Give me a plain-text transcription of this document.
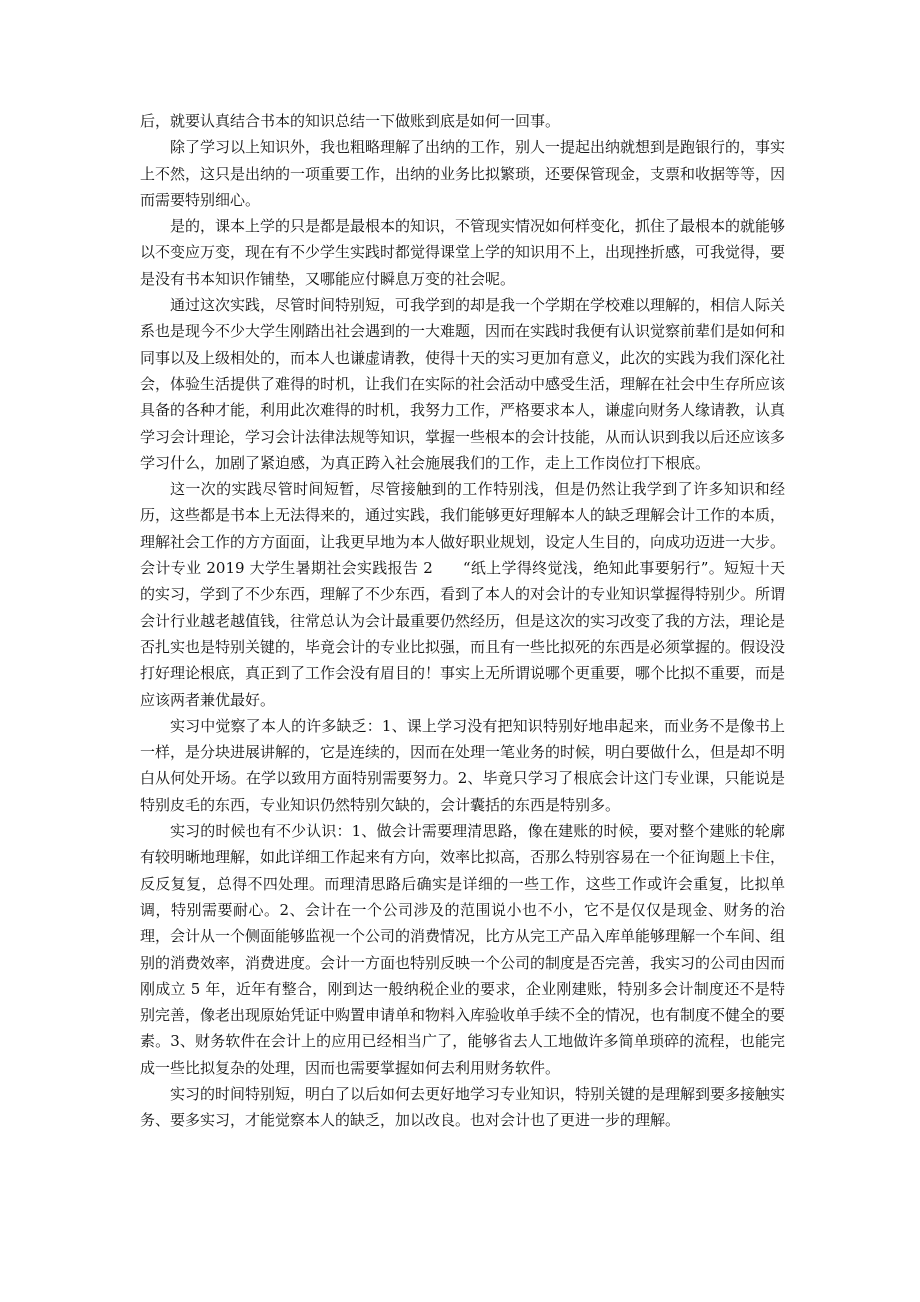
后，就要认真结合书本的知识总结一下做账到底是如何一回事。

除了学习以上知识外，我也粗略理解了出纳的工作，别人一提起出纳就想到是跑银行的，事实上不然，这只是出纳的一项重要工作，出纳的业务比拟繁琐，还要保管现金，支票和收据等等，因而需要特别细心。

是的，课本上学的只是都是最根本的知识，不管现实情况如何样变化，抓住了最根本的就能够以不变应万变，现在有不少学生实践时都觉得课堂上学的知识用不上，出现挫折感，可我觉得，要是没有书本知识作铺垫，又哪能应付瞬息万变的社会呢。

通过这次实践，尽管时间特别短，可我学到的却是我一个学期在学校难以理解的，相信人际关系也是现今不少大学生刚踏出社会遇到的一大难题，因而在实践时我便有认识觉察前辈们是如何和同事以及上级相处的，而本人也谦虚请教，使得十天的实习更加有意义，此次的实践为我们深化社会，体验生活提供了难得的时机，让我们在实际的社会活动中感受生活，理解在社会中生存所应该具备的各种才能，利用此次难得的时机，我努力工作，严格要求本人，谦虚向财务人缘请教，认真学习会计理论，学习会计法律法规等知识，掌握一些根本的会计技能，从而认识到我以后还应该多学习什么，加剧了紧迫感，为真正跨入社会施展我们的工作，走上工作岗位打下根底。

这一次的实践尽管时间短暂，尽管接触到的工作特别浅，但是仍然让我学到了许多知识和经历，这些都是书本上无法得来的，通过实践，我们能够更好理解本人的缺乏理解会计工作的本质，理解社会工作的方方面面，让我更早地为本人做好职业规划，设定人生目的，向成功迈进一大步。

会计专业 2019 大学生暑期社会实践报告 2 “纸上学得终觉浅，绝知此事要躬行”。短短十天的实习，学到了不少东西，理解了不少东西，看到了本人的对会计的专业知识掌握得特别少。所谓会计行业越老越值钱，往常总认为会计最重要仍然经历，但是这次的实习改变了我的方法，理论是否扎实也是特别关键的，毕竟会计的专业比拟强，而且有一些比拟死的东西是必须掌握的。假设没打好理论根底，真正到了工作会没有眉目的！事实上无所谓说哪个更重要，哪个比拟不重要，而是应该两者兼优最好。

实习中觉察了本人的许多缺乏：1、课上学习没有把知识特别好地串起来，而业务不是像书上一样，是分块进展讲解的，它是连续的，因而在处理一笔业务的时候，明白要做什么，但是却不明白从何处开场。在学以致用方面特别需要努力。2、毕竟只学习了根底会计这门专业课，只能说是特别皮毛的东西，专业知识仍然特别欠缺的，会计囊括的东西是特别多。

实习的时候也有不少认识：1、做会计需要理清思路，像在建账的时候，要对整个建账的轮廓有较明晰地理解，如此详细工作起来有方向，效率比拟高，否那么特别容易在一个征询题上卡住，反反复复，总得不四处理。而理清思路后确实是详细的一些工作，这些工作或许会重复，比拟单调，特别需要耐心。2、会计在一个公司涉及的范围说小也不小，它不是仅仅是现金、财务的治理，会计从一个侧面能够监视一个公司的消费情况，比方从完工产品入库单能够理解一个车间、组别的消费效率，消费进度。会计一方面也特别反映一个公司的制度是否完善，我实习的公司由因而刚成立 5 年，近年有整合，刚到达一般纳税企业的要求，企业刚建账，特别多会计制度还不是特别完善，像老出现原始凭证中购置申请单和物料入库验收单手续不全的情况，也有制度不健全的要素。3、财务软件在会计上的应用已经相当广了，能够省去人工地做许多简单琐碎的流程，也能完成一些比拟复杂的处理，因而也需要掌握如何去利用财务软件。

实习的时间特别短，明白了以后如何去更好地学习专业知识，特别关键的是理解到要多接触实务、要多实习，才能觉察本人的缺乏，加以改良。也对会计也了更进一步的理解。
